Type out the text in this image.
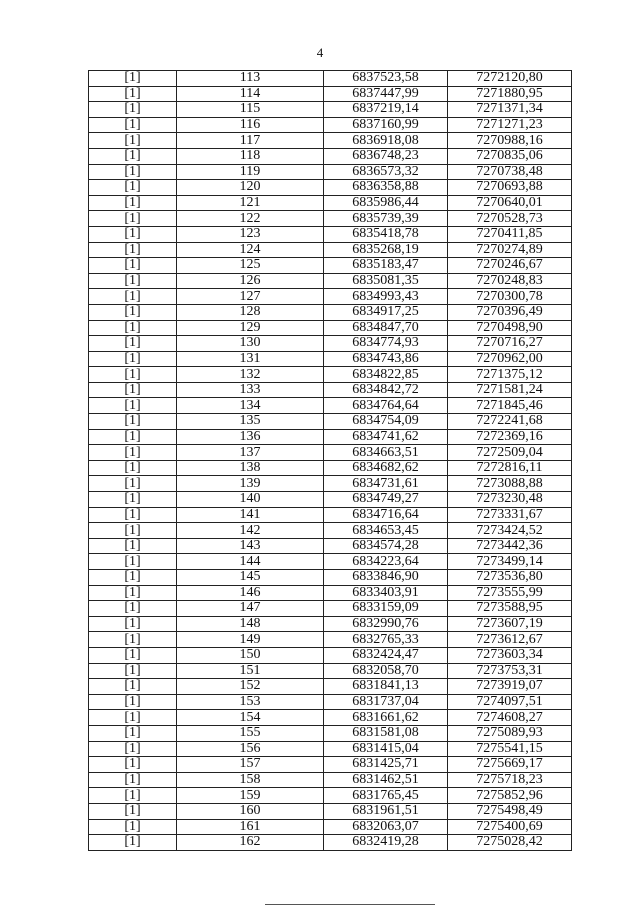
4
[1]	113	6837523,58	7272120,80
[1]	114	6837447,99	7271880,95
[1]	115	6837219,14	7271371,34
[1]	116	6837160,99	7271271,23
[1]	117	6836918,08	7270988,16
[1]	118	6836748,23	7270835,06
[1]	119	6836573,32	7270738,48
[1]	120	6836358,88	7270693,88
[1]	121	6835986,44	7270640,01
[1]	122	6835739,39	7270528,73
[1]	123	6835418,78	7270411,85
[1]	124	6835268,19	7270274,89
[1]	125	6835183,47	7270246,67
[1]	126	6835081,35	7270248,83
[1]	127	6834993,43	7270300,78
[1]	128	6834917,25	7270396,49
[1]	129	6834847,70	7270498,90
[1]	130	6834774,93	7270716,27
[1]	131	6834743,86	7270962,00
[1]	132	6834822,85	7271375,12
[1]	133	6834842,72	7271581,24
[1]	134	6834764,64	7271845,46
[1]	135	6834754,09	7272241,68
[1]	136	6834741,62	7272369,16
[1]	137	6834663,51	7272509,04
[1]	138	6834682,62	7272816,11
[1]	139	6834731,61	7273088,88
[1]	140	6834749,27	7273230,48
[1]	141	6834716,64	7273331,67
[1]	142	6834653,45	7273424,52
[1]	143	6834574,28	7273442,36
[1]	144	6834223,64	7273499,14
[1]	145	6833846,90	7273536,80
[1]	146	6833403,91	7273555,99
[1]	147	6833159,09	7273588,95
[1]	148	6832990,76	7273607,19
[1]	149	6832765,33	7273612,67
[1]	150	6832424,47	7273603,34
[1]	151	6832058,70	7273753,31
[1]	152	6831841,13	7273919,07
[1]	153	6831737,04	7274097,51
[1]	154	6831661,62	7274608,27
[1]	155	6831581,08	7275089,93
[1]	156	6831415,04	7275541,15
[1]	157	6831425,71	7275669,17
[1]	158	6831462,51	7275718,23
[1]	159	6831765,45	7275852,96
[1]	160	6831961,51	7275498,49
[1]	161	6832063,07	7275400,69
[1]	162	6832419,28	7275028,42
